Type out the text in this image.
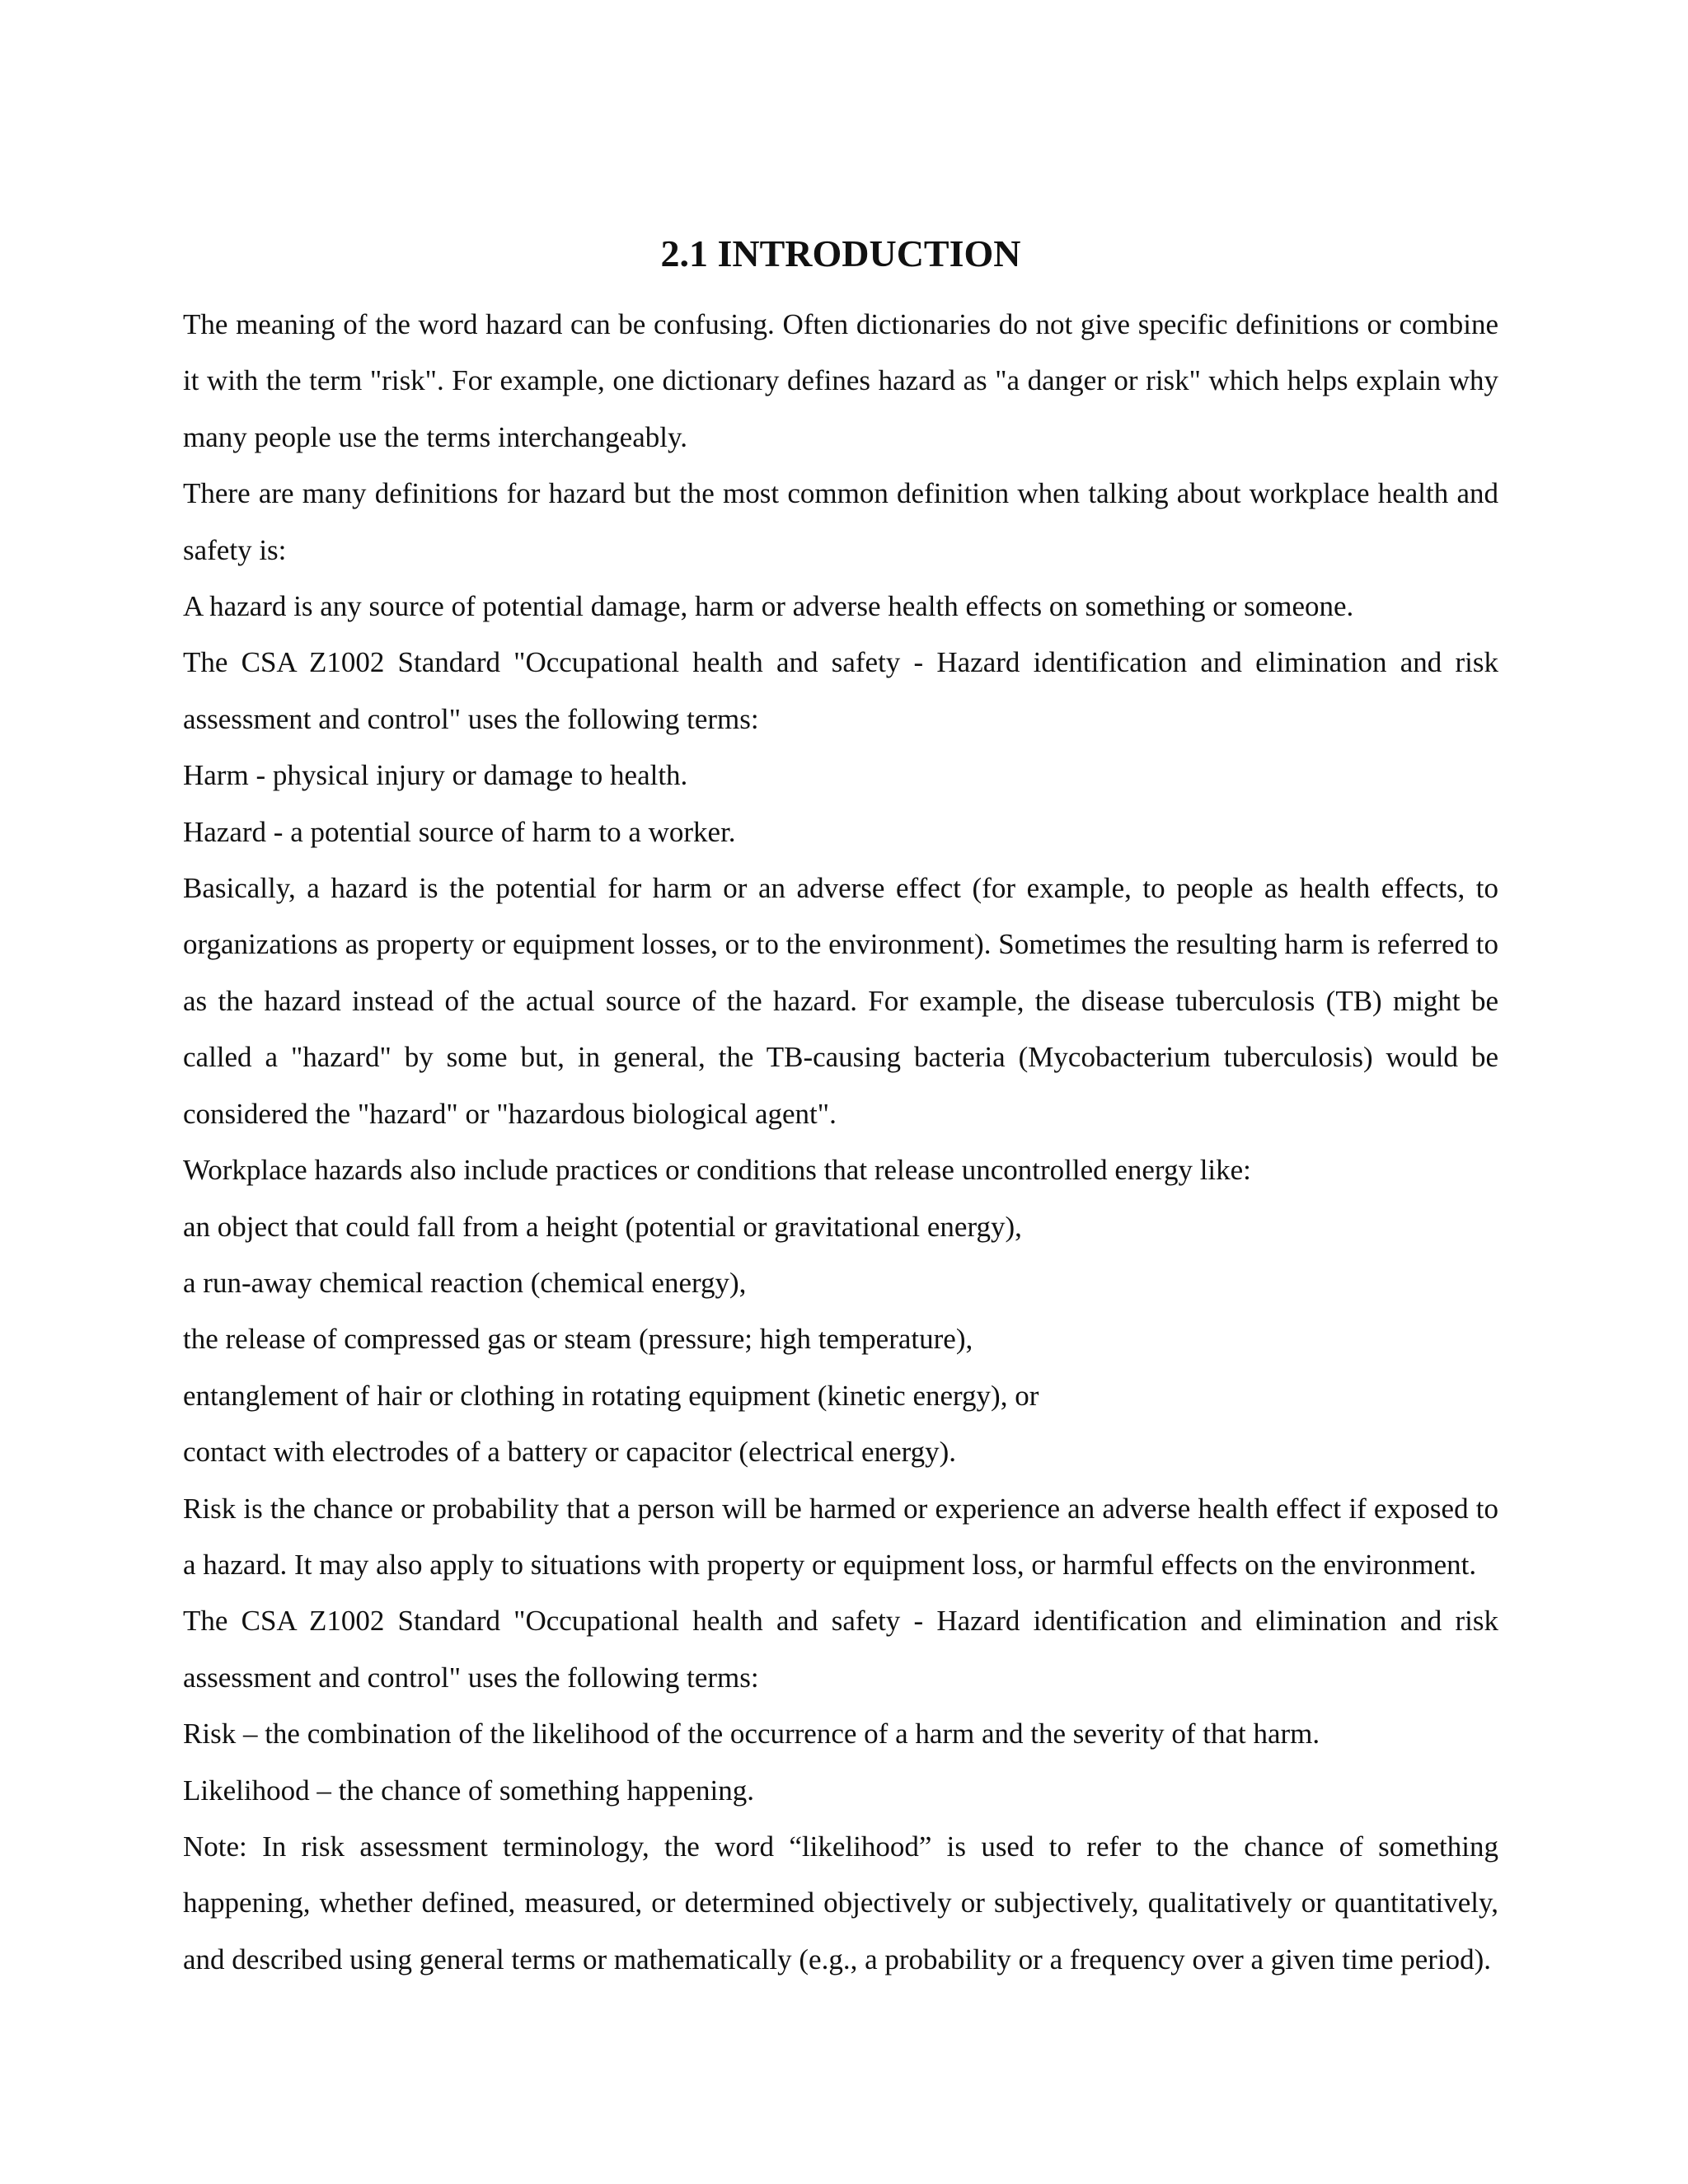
2.1 INTRODUCTION

The meaning of the word hazard can be confusing. Often dictionaries do not give specific definitions or combine it with the term "risk". For example, one dictionary defines hazard as "a danger or risk" which helps explain why many people use the terms interchangeably.

There are many definitions for hazard but the most common definition when talking about workplace health and safety is:

A hazard is any source of potential damage, harm or adverse health effects on something or someone.

The CSA Z1002 Standard "Occupational health and safety - Hazard identification and elimination and risk assessment and control" uses the following terms:

Harm - physical injury or damage to health.

Hazard - a potential source of harm to a worker.

Basically, a hazard is the potential for harm or an adverse effect (for example, to people as health effects, to organizations as property or equipment losses, or to the environment). Sometimes the resulting harm is referred to as the hazard instead of the actual source of the hazard. For example, the disease tuberculosis (TB) might be called a "hazard" by some but, in general, the TB-causing bacteria (Mycobacterium tuberculosis) would be considered the "hazard" or "hazardous biological agent".

Workplace hazards also include practices or conditions that release uncontrolled energy like:

an object that could fall from a height (potential or gravitational energy),

a run-away chemical reaction (chemical energy),

the release of compressed gas or steam (pressure; high temperature),

entanglement of hair or clothing in rotating equipment (kinetic energy), or

contact with electrodes of a battery or capacitor (electrical energy).

Risk is the chance or probability that a person will be harmed or experience an adverse health effect if exposed to a hazard. It may also apply to situations with property or equipment loss, or harmful effects on the environment.

The CSA Z1002 Standard "Occupational health and safety - Hazard identification and elimination and risk assessment and control" uses the following terms:

Risk – the combination of the likelihood of the occurrence of a harm and the severity of that harm.

Likelihood – the chance of something happening.

Note: In risk assessment terminology, the word “likelihood” is used to refer to the chance of something happening, whether defined, measured, or determined objectively or subjectively, qualitatively or quantitatively, and described using general terms or mathematically (e.g., a probability or a frequency over a given time period).
